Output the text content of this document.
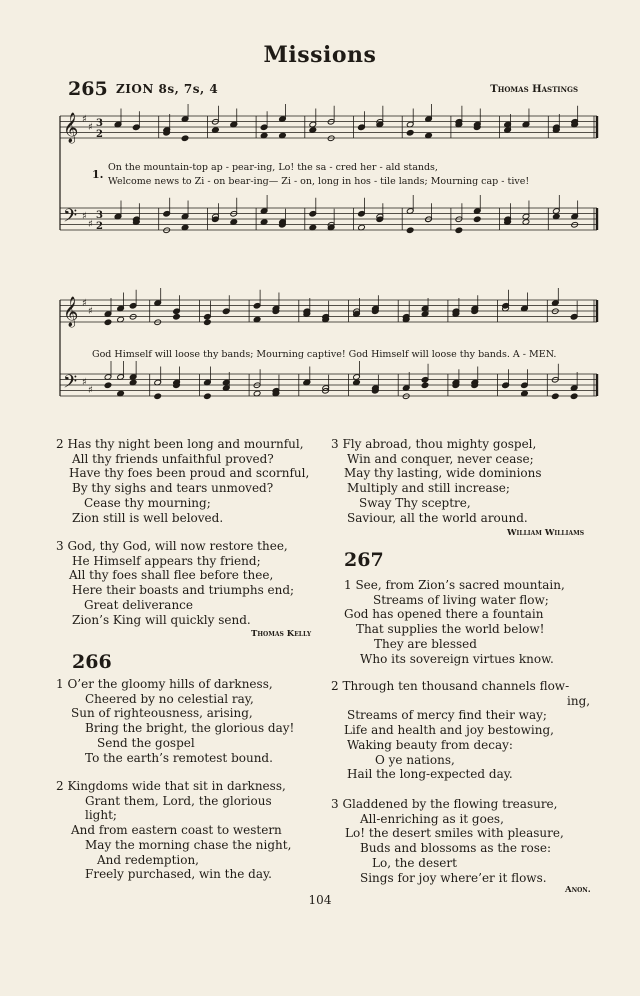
Missions
265 ZION 8s, 7s, 4	Thomas Hastings
𝄞
𝄢
♯
♯
♯
♯
3
2
3
2
1.
On the mountain-top ap - pear-ing, Lo! the sa - cred her - ald stands,
Welcome news to Zi - on bear-ing— Zi - on, long in hos - tile lands; Mourning cap - tive!
𝄞
𝄢
♯
♯
♯
♯
God Himself will loose thy bands; Mourning captive! God Himself will loose thy bands. A - MEN.
2 Has thy night been long and mournful,
All thy friends unfaithful proved?
Have thy foes been proud and scornful,
By thy sighs and tears unmoved?
Cease thy mourning;
Zion still is well beloved.
3 God, thy God, will now restore thee,
He Himself appears thy friend;
All thy foes shall flee before thee,
Here their boasts and triumphs end;
Great deliverance
Zion’s King will quickly send.
Thomas Kelly
266
1 O’er the gloomy hills of darkness,
Cheered by no celestial ray,
Sun of righteousness, arising,
Bring the bright, the glorious day!
Send the gospel
To the earth’s remotest bound.
2 Kingdoms wide that sit in darkness,
Grant them, Lord, the glorious
light;
And from eastern coast to western
May the morning chase the night,
And redemption,
Freely purchased, win the day.
3 Fly abroad, thou mighty gospel,
Win and conquer, never cease;
May thy lasting, wide dominions
Multiply and still increase;
Sway Thy sceptre,
Saviour, all the world around.
William Williams
267
1 See, from Zion’s sacred mountain,
Streams of living water flow;
God has opened there a fountain
That supplies the world below!
They are blessed
Who its sovereign virtues know.
2 Through ten thousand channels flow-
ing,
Streams of mercy find their way;
Life and health and joy bestowing,
Waking beauty from decay:
O ye nations,
Hail the long-expected day.
3 Gladdened by the flowing treasure,
All-enriching as it goes,
Lo! the desert smiles with pleasure,
Buds and blossoms as the rose:
Lo, the desert
Sings for joy where’er it flows.
Anon.
104
